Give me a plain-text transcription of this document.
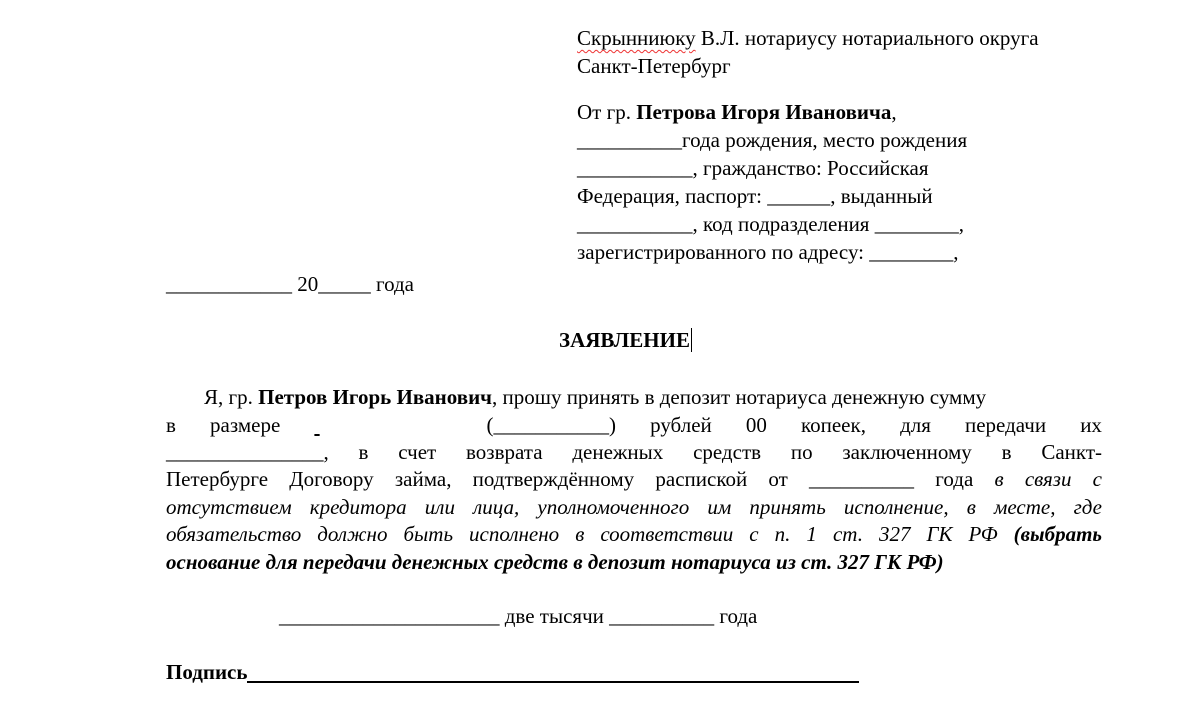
Скрынниюку В.Л. нотариусу нотариального округа
Санкт-Петербург
От гр. Петрова Игоря Ивановича,
__________года рождения, место рождения
___________, гражданство: Российская
Федерация, паспорт: ______, выданный
___________, код подразделения ________,
зарегистрированного по адресу: ________,
____________ 20_____ года
ЗАЯВЛЕНИЕ
Я, гр. Петров Игорь Иванович, прошу принять в депозит нотариуса денежную сумму
в размере
	(___________) рублей 00 копеек, для передачи их
_______________, в счет возврата денежных средств по заключенному в Санкт-
Петербурге Договору займа, подтверждённому распиской от __________ года в связи с
отсутствием кредитора или лица, уполномоченного им принять исполнение, в месте, где
обязательство должно быть исполнено в соответствии с п. 1 ст. 327 ГК РФ (выбрать
основание для передачи денежных средств в депозит нотариуса из ст. 327 ГК РФ)
_____________________ две тысячи __________ года
Подпись
